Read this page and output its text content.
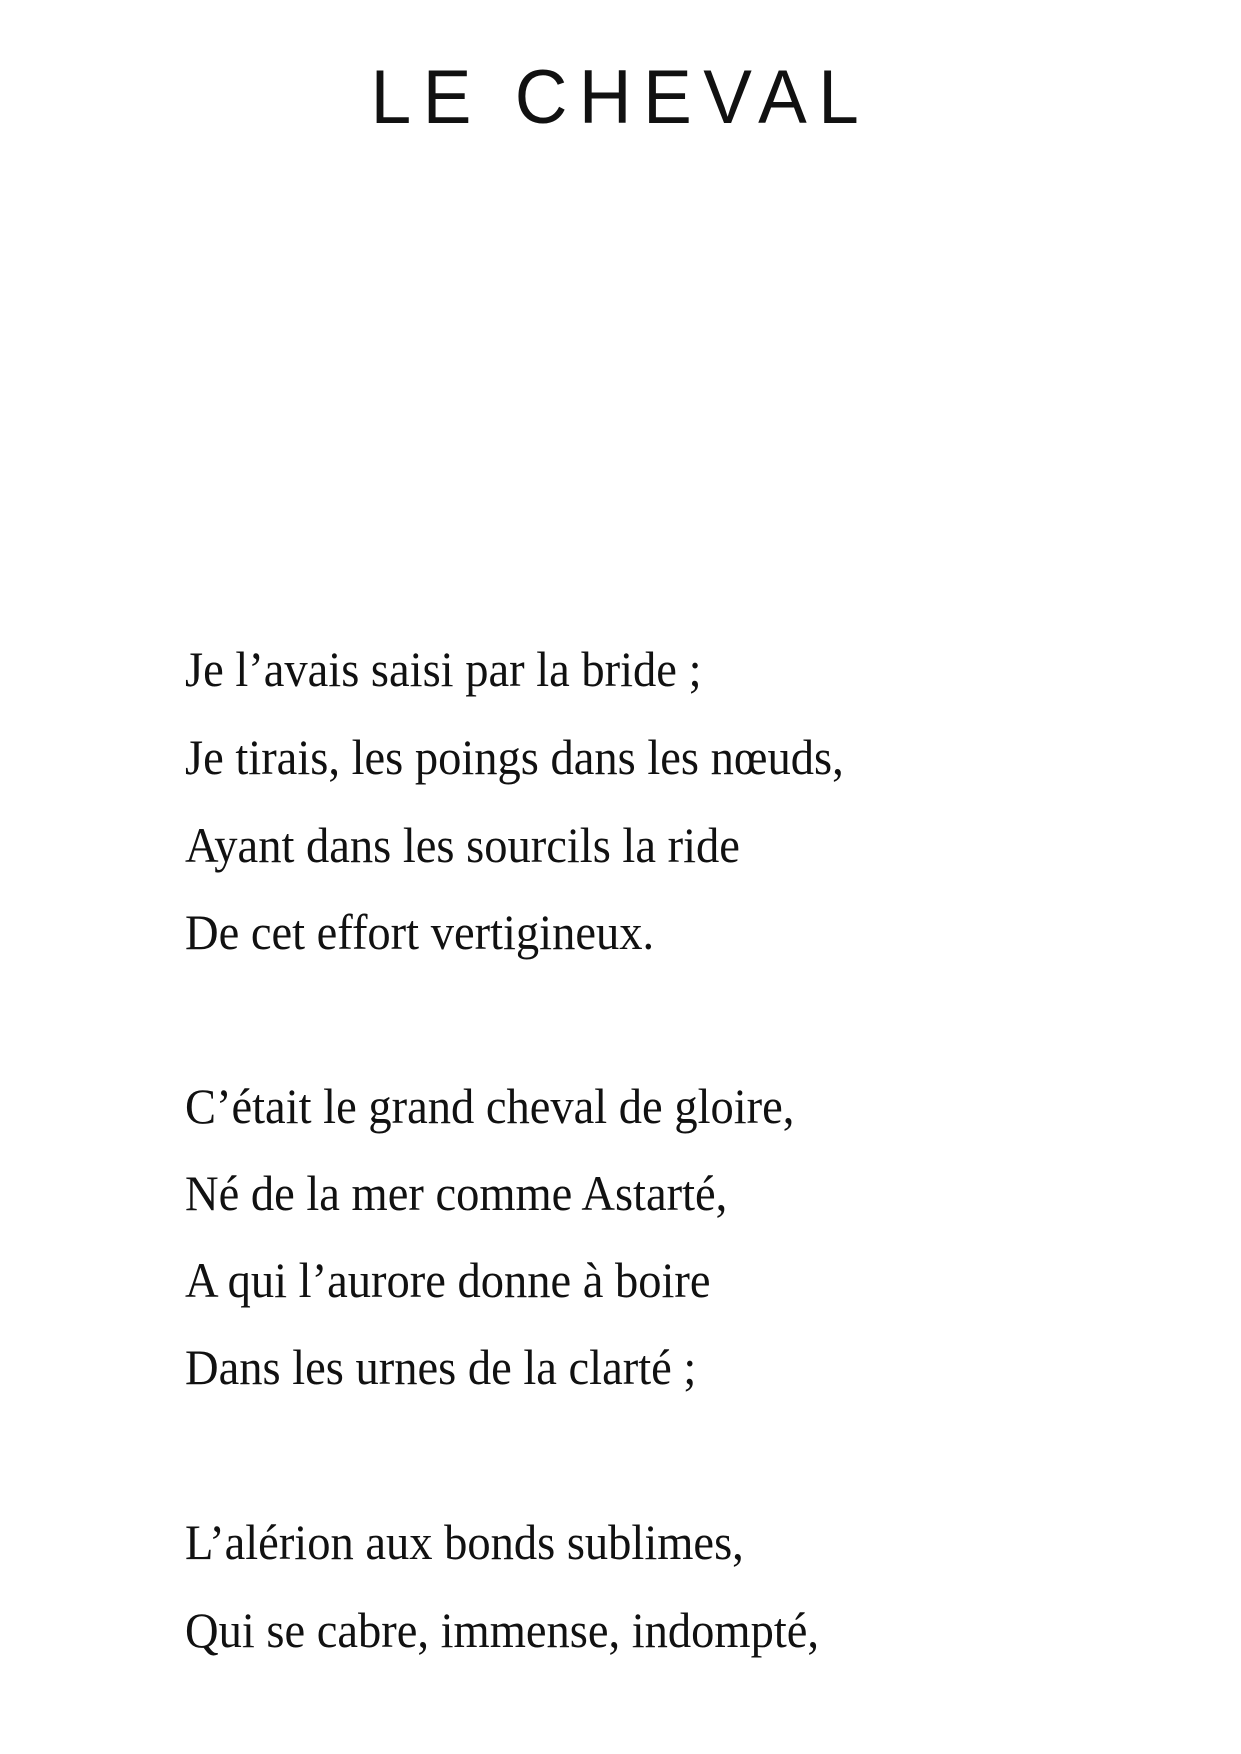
LE CHEVAL

Je l’avais saisi par la bride ;

Je tirais, les poings dans les nœuds,

Ayant dans les sourcils la ride

De cet effort vertigineux.

C’était le grand cheval de gloire,

Né de la mer comme Astarté,

A qui l’aurore donne à boire

Dans les urnes de la clarté ;

L’alérion aux bonds sublimes,

Qui se cabre, immense, indompté,
